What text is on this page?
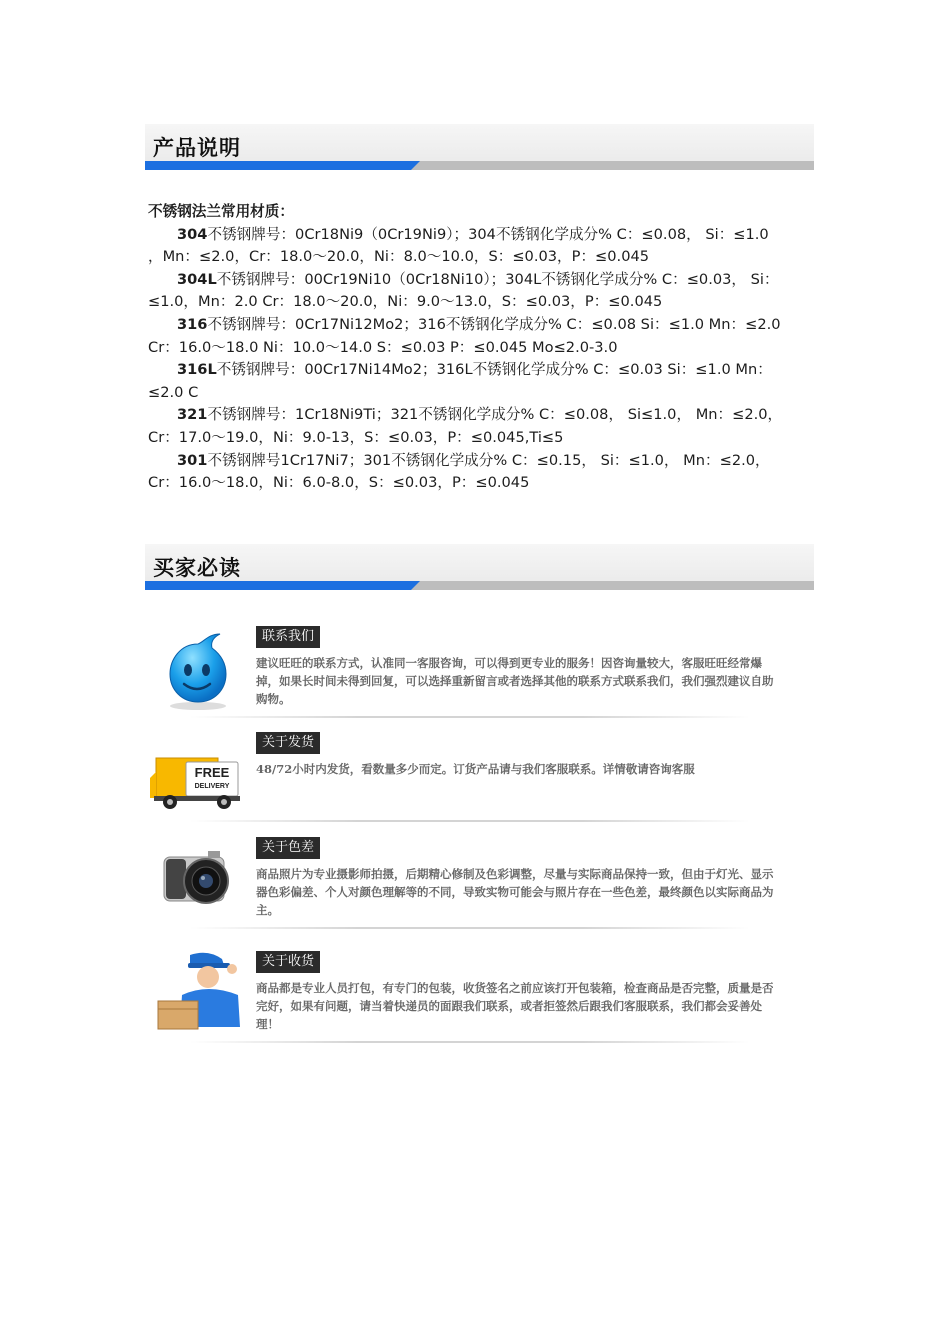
产品说明
不锈钢法兰常用材质：
304不锈钢牌号：0Cr18Ni9（0Cr19Ni9）；304不锈钢化学成分% C：≤0.08， Si：≤1.0
，Mn：≤2.0，Cr：18.0～20.0，Ni：8.0～10.0，S：≤0.03，P：≤0.045
304L不锈钢牌号：00Cr19Ni10（0Cr18Ni10）；304L不锈钢化学成分% C：≤0.03， Si：
≤1.0，Mn：2.0 Cr：18.0～20.0，Ni：9.0～13.0，S：≤0.03，P：≤0.045
316不锈钢牌号：0Cr17Ni12Mo2；316不锈钢化学成分% C：≤0.08 Si：≤1.0 Mn：≤2.0
Cr：16.0～18.0 Ni：10.0～14.0 S：≤0.03 P：≤0.045 Mo≤2.0-3.0
316L不锈钢牌号：00Cr17Ni14Mo2；316L不锈钢化学成分% C：≤0.03 Si：≤1.0 Mn：
≤2.0 C
321不锈钢牌号：1Cr18Ni9Ti；321不锈钢化学成分% C：≤0.08， Si≤1.0， Mn：≤2.0，
Cr：17.0～19.0，Ni：9.0-13，S：≤0.03，P：≤0.045,Ti≤5
301不锈钢牌号1Cr17Ni7；301不锈钢化学成分% C：≤0.15， Si：≤1.0， Mn：≤2.0，
Cr：16.0～18.0，Ni：6.0-8.0，S：≤0.03，P：≤0.045
买家必读
联系我们
建议旺旺的联系方式，认准同一客服咨询，可以得到更专业的服务！因咨询量较大，客服旺旺经常爆掉，如果长时间未得到回复，可以选择重新留言或者选择其他的联系方式联系我们，我们强烈建议自助购物。
FREE
DELIVERY
关于发货
48/72小时内发货，看数量多少而定。订货产品请与我们客服联系。详情敬请咨询客服
关于色差
商品照片为专业摄影师拍摄，后期精心修制及色彩调整，尽量与实际商品保持一致，但由于灯光、显示器色彩偏差、个人对颜色理解等的不同，导致实物可能会与照片存在一些色差，最终颜色以实际商品为主。
关于收货
商品都是专业人员打包，有专门的包装，收货签名之前应该打开包装箱，检查商品是否完整，质量是否完好，如果有问题，请当着快递员的面跟我们联系，或者拒签然后跟我们客服联系，我们都会妥善处理！
